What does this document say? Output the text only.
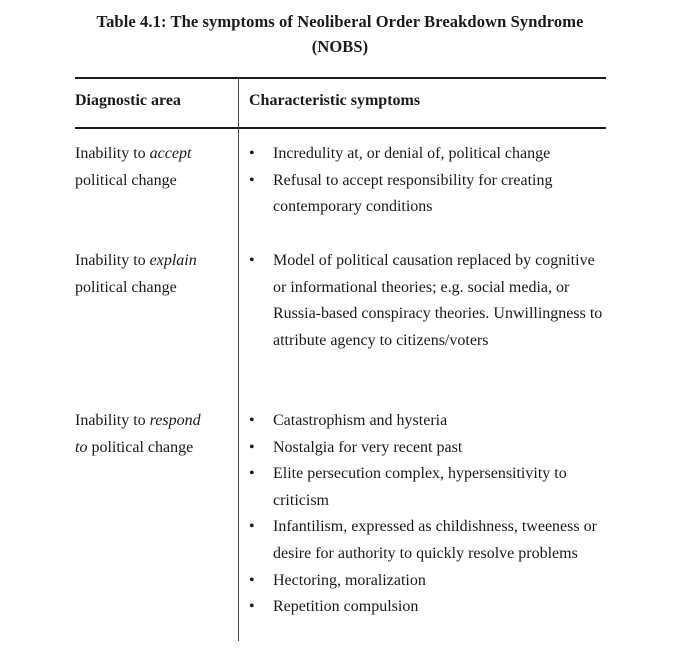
Table 4.1: The symptoms of Neoliberal Order Breakdown Syndrome
(NOBS)
Diagnostic area	Characteristic symptoms
Inability to accept
political change
•	Incredulity at, or denial of, political change
•	Refusal to accept responsibility for creating contemporary conditions
Inability to explain
political change
•	Model of political causation replaced by cognitive or informational theories; e.g. social media, or Russia-based conspiracy theories. Unwillingness to attribute agency to citizens/voters
Inability to respond
to political change
•	Catastrophism and hysteria
•	Nostalgia for very recent past
•	Elite persecution complex, hypersensitivity to criticism
•	Infantilism, expressed as childishness, tweeness or desire for authority to quickly resolve problems
•	Hectoring, moralization
•	Repetition compulsion
